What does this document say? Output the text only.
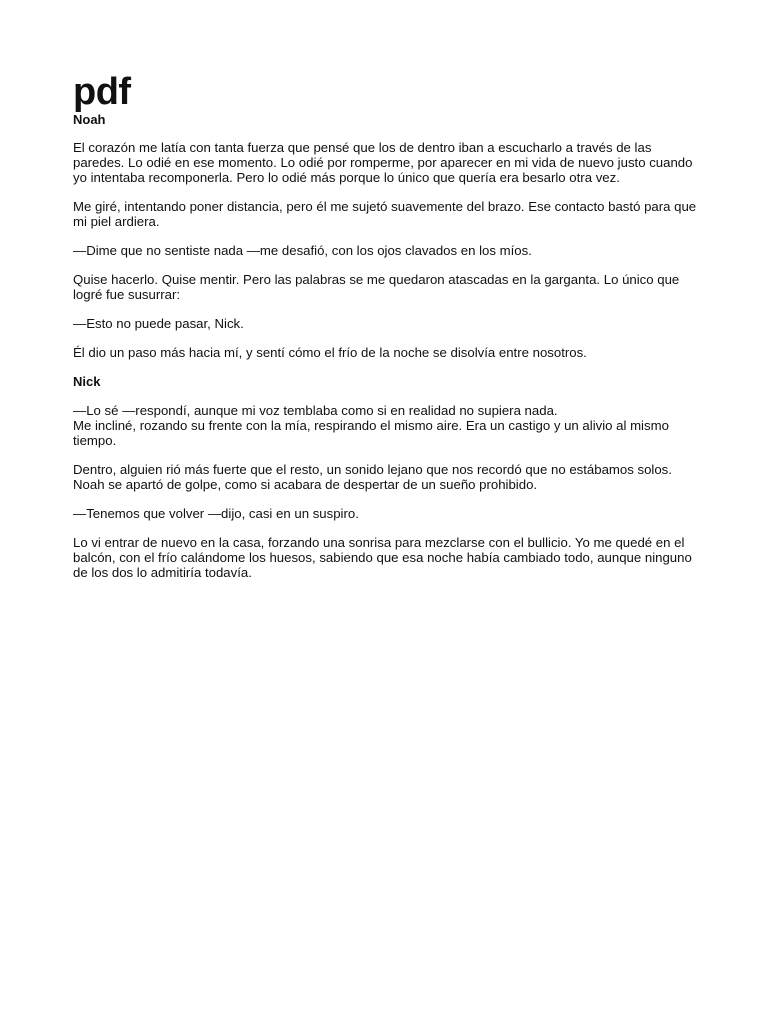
pdf
Noah

El corazón me latía con tanta fuerza que pensé que los de dentro iban a escucharlo a través de las paredes. Lo odié en ese momento. Lo odié por romperme, por aparecer en mi vida de nuevo justo cuando yo intentaba recomponerla. Pero lo odié más porque lo único que quería era besarlo otra vez.

Me giré, intentando poner distancia, pero él me sujetó suavemente del brazo. Ese contacto bastó para que mi piel ardiera.

—Dime que no sentiste nada —me desafió, con los ojos clavados en los míos.

Quise hacerlo. Quise mentir. Pero las palabras se me quedaron atascadas en la garganta. Lo único que logré fue susurrar:

—Esto no puede pasar, Nick.

Él dio un paso más hacia mí, y sentí cómo el frío de la noche se disolvía entre nosotros.

Nick

—Lo sé —respondí, aunque mi voz temblaba como si en realidad no supiera nada.

Me incliné, rozando su frente con la mía, respirando el mismo aire. Era un castigo y un alivio al mismo tiempo.

Dentro, alguien rió más fuerte que el resto, un sonido lejano que nos recordó que no estábamos solos. Noah se apartó de golpe, como si acabara de despertar de un sueño prohibido.

—Tenemos que volver —dijo, casi en un suspiro.

Lo vi entrar de nuevo en la casa, forzando una sonrisa para mezclarse con el bullicio. Yo me quedé en el balcón, con el frío calándome los huesos, sabiendo que esa noche había cambiado todo, aunque ninguno de los dos lo admitiría todavía.
